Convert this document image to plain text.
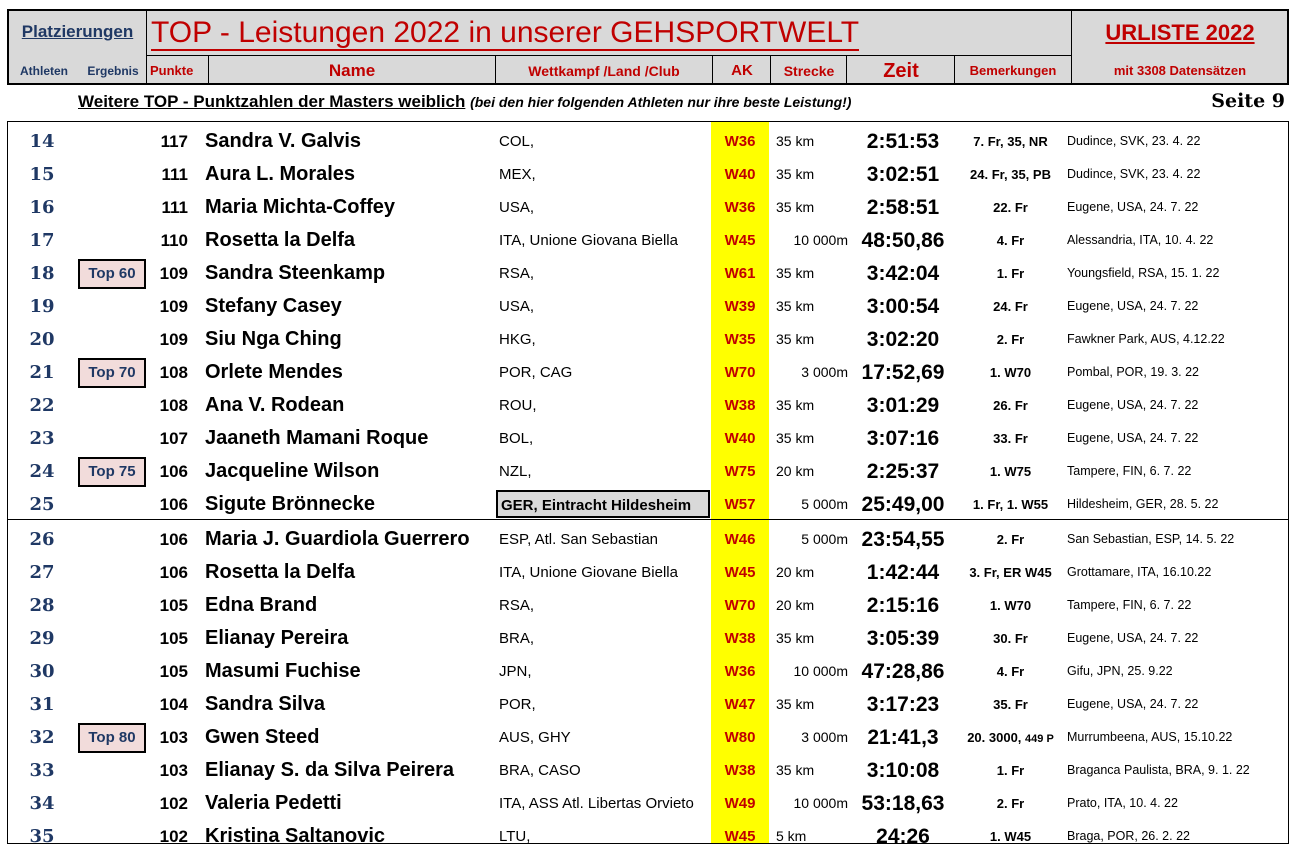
Platzierungen TOP - Leistungen 2022 in unserer GEHSPORTWELT	URLISTE 2022
mit 3308 Datensätzen
Athleten	Ergebnis Punkte	Name	Wettkampf /Land /Club	AK	Strecke	Zeit	Bemerkungen
Weitere TOP - Punktzahlen der Masters weiblich (bei den hier folgenden Athleten nur ihre beste Leistung!)	Seite 9
14	117 Sandra V. Galvis	COL,	W36	35 km	2:51:53	7. Fr, 35, NR	Dudince, SVK, 23. 4. 22
15	111 Aura L. Morales	MEX,	W40	35 km	3:02:51	24. Fr, 35, PB	Dudince, SVK, 23. 4. 22
16	111 Maria Michta-Coffey	USA,	W36	35 km	2:58:51	22. Fr	Eugene, USA, 24. 7. 22
17	110 Rosetta la Delfa	ITA, Unione Giovana Biella	W45	10 000m 48:50,86	4. Fr	Alessandria, ITA, 10. 4. 22
18	Top 60	109 Sandra Steenkamp	RSA,	W61	35 km	3:42:04	1. Fr	Youngsfield, RSA, 15. 1. 22
19	109 Stefany Casey	USA,	W39	35 km	3:00:54	24. Fr	Eugene, USA, 24. 7. 22
20	109 Siu Nga Ching	HKG,	W35	35 km	3:02:20	2. Fr	Fawkner Park, AUS, 4.12.22
21	Top 70	108 Orlete Mendes	POR, CAG	W70	3 000m 17:52,69	1. W70	Pombal, POR, 19. 3. 22
22	108 Ana V. Rodean	ROU,	W38	35 km	3:01:29	26. Fr	Eugene, USA, 24. 7. 22
23	107 Jaaneth Mamani Roque	BOL,	W40	35 km	3:07:16	33. Fr	Eugene, USA, 24. 7. 22
24	Top 75	106 Jacqueline Wilson	NZL,	W75	20 km	2:25:37	1. W75	Tampere, FIN, 6. 7. 22
25	106 Sigute Brönnecke	GER, Eintracht Hildesheim	W57	5 000m 25:49,00	1. Fr, 1. W55	Hildesheim, GER, 28. 5. 22
26	106 Maria J. Guardiola Guerrero	ESP, Atl. San Sebastian	W46	5 000m 23:54,55	2. Fr	San Sebastian, ESP, 14. 5. 22
27	106 Rosetta la Delfa	ITA, Unione Giovane Biella	W45	20 km	1:42:44	3. Fr, ER W45	Grottamare, ITA, 16.10.22
28	105 Edna Brand	RSA,	W70	20 km	2:15:16	1. W70	Tampere, FIN, 6. 7. 22
29	105 Elianay Pereira	BRA,	W38	35 km	3:05:39	30. Fr	Eugene, USA, 24. 7. 22
30	105 Masumi Fuchise	JPN,	W36	10 000m 47:28,86	4. Fr	Gifu, JPN, 25. 9.22
31	104 Sandra Silva	POR,	W47	35 km	3:17:23	35. Fr	Eugene, USA, 24. 7. 22
32	Top 80	103 Gwen Steed	AUS, GHY	W80	3 000m 21:41,3	20. 3000, 449 P	Murrumbeena, AUS, 15.10.22
33	103 Elianay S. da Silva Peirera	BRA, CASO	W38	35 km	3:10:08	1. Fr	Braganca Paulista, BRA, 9. 1. 22
34	102 Valeria Pedetti	ITA, ASS Atl. Libertas Orvieto	W49	10 000m 53:18,63	2. Fr	Prato, ITA, 10. 4. 22
35	102 Kristina Saltanovic	LTU,	W45	5 km	24:26	1. W45	Braga, POR, 26. 2. 22
